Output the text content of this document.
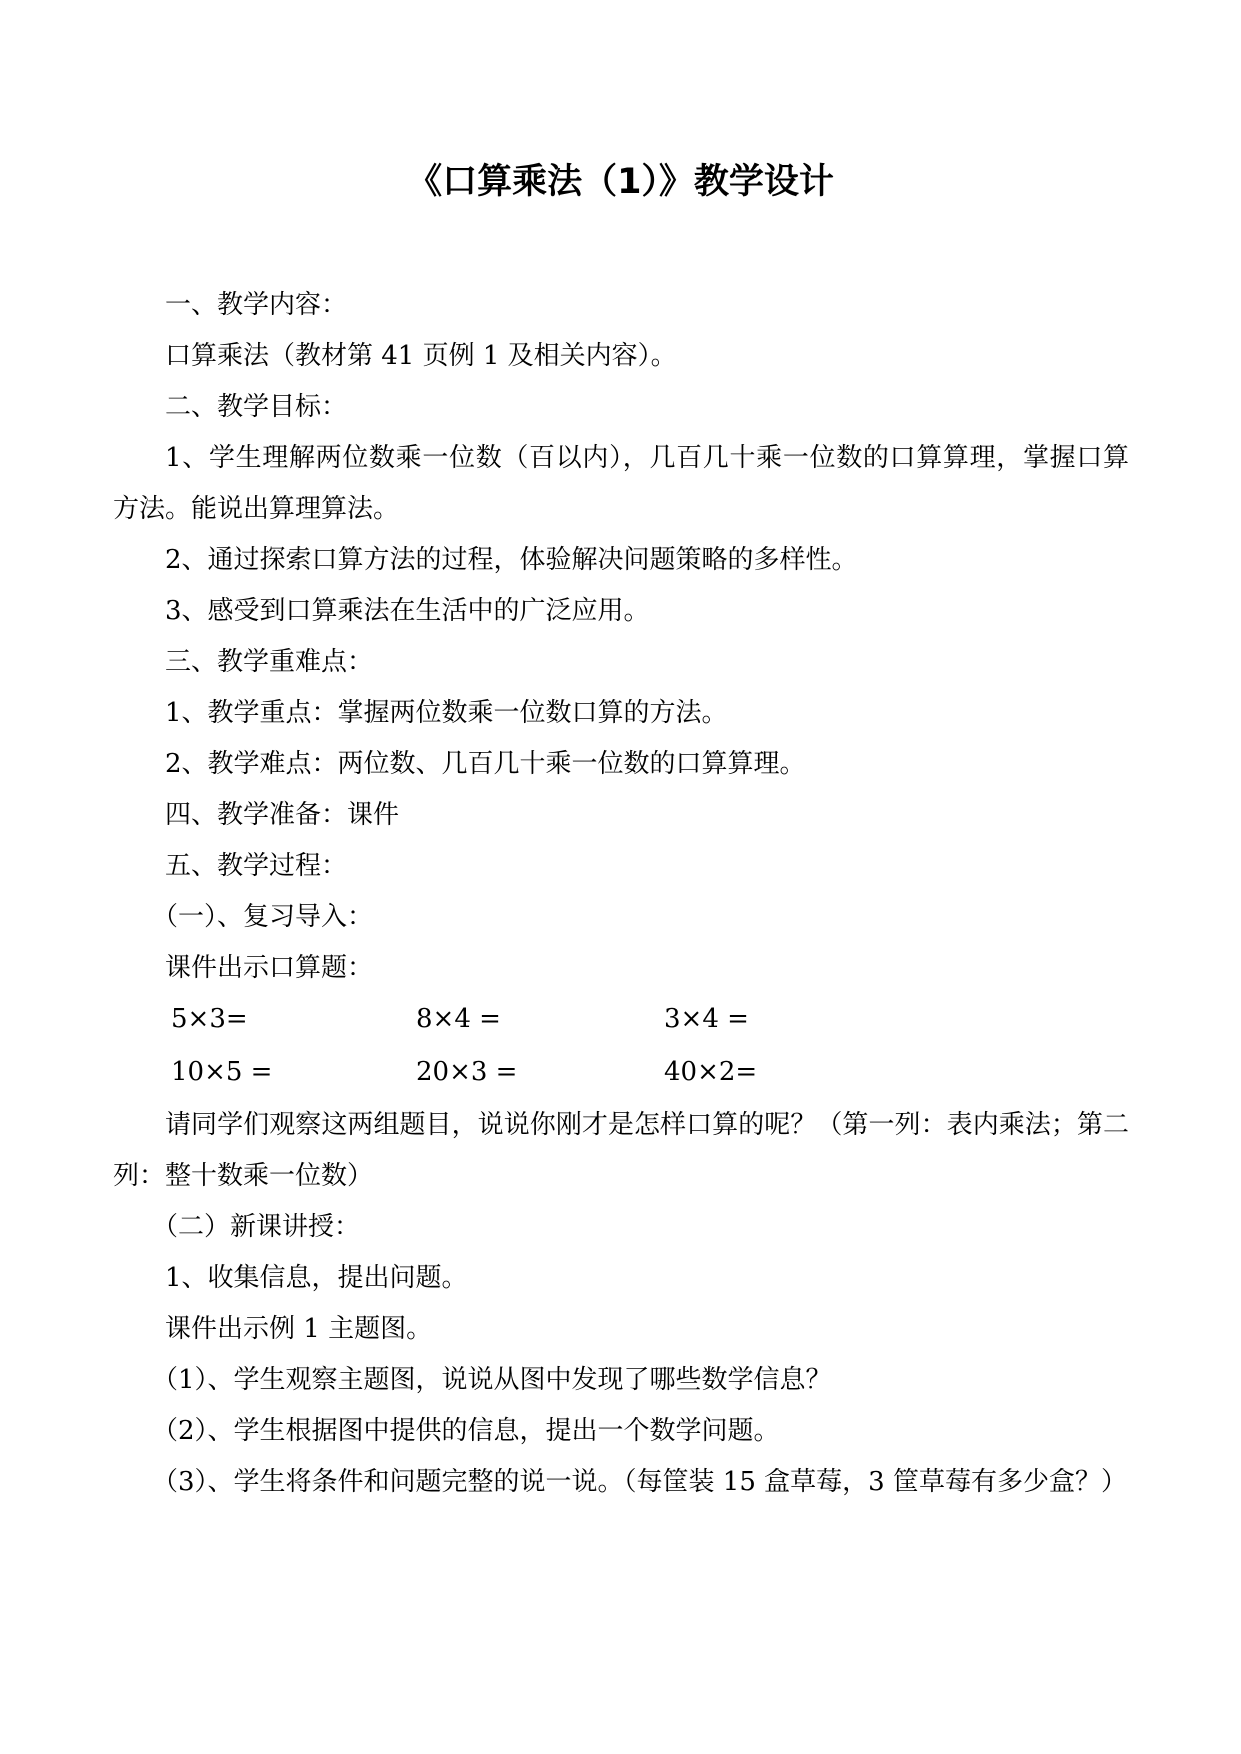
《口算乘法（1）》教学设计

一、教学内容：

口算乘法（教材第 41 页例 1 及相关内容）。

二、教学目标：

1、学生理解两位数乘一位数（百以内），几百几十乘一位数的口算算理，掌握口算方法。能说出算理算法。

2、通过探索口算方法的过程，体验解决问题策略的多样性。

3、感受到口算乘法在生活中的广泛应用。

三、教学重难点：

1、教学重点：掌握两位数乘一位数口算的方法。

2、教学难点：两位数、几百几十乘一位数的口算算理。

四、教学准备：课件

五、教学过程：

（一）、复习导入：

课件出示口算题：

5×3=	8×4 =	3×4 =
10×5 =	20×3 =	40×2=

请同学们观察这两组题目，说说你刚才是怎样口算的呢？（第一列：表内乘法；第二列：整十数乘一位数）

（二）新课讲授：

1、收集信息，提出问题。

课件出示例 1 主题图。

（1）、学生观察主题图，说说从图中发现了哪些数学信息？

（2）、学生根据图中提供的信息，提出一个数学问题。

（3）、学生将条件和问题完整的说一说。（每筐装 15 盒草莓，3 筐草莓有多少盒？）
